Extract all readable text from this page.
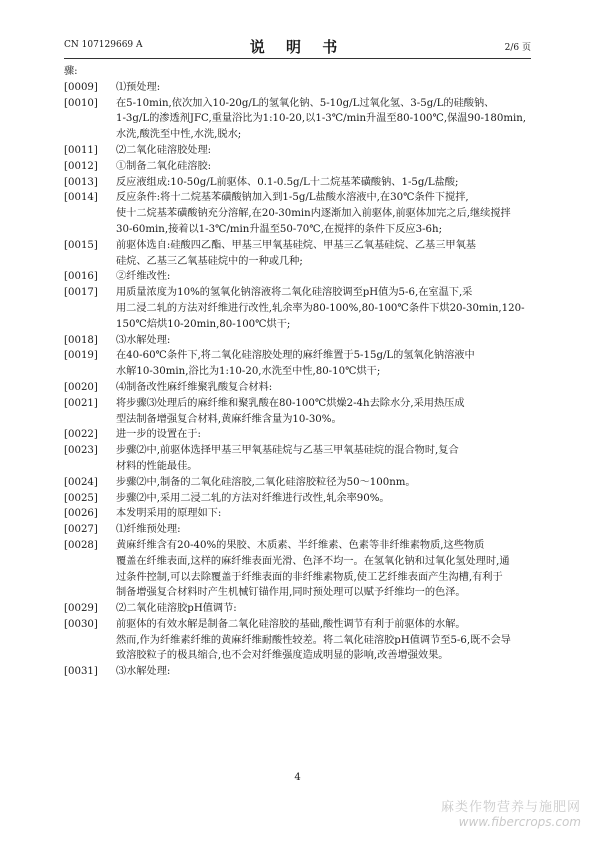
CN 107129669 A	说 明 书	2/6 页
骤:
[0009]	⑴预处理:
[0010]	在5-10min,依次加入10-20g/L的氢氧化钠、5-10g/L过氧化氢、3-5g/L的硅酸钠、
1-3g/L的渗透剂JFC,重量浴比为1:10-20,以1-3℃/min升温至80-100℃,保温90-180min,
水洗,酸洗至中性,水洗,脱水;
[0011]	⑵二氧化硅溶胶处理:
[0012]	①制备二氧化硅溶胶:
[0013]	反应液组成:10-50g/L前驱体、0.1-0.5g/L十二烷基苯磺酸钠、1-5g/L盐酸;
[0014]	反应条件:将十二烷基苯磺酸钠加入到1-5g/L盐酸水溶液中,在30℃条件下搅拌,
使十二烷基苯磺酸钠充分溶解,在20-30min内逐渐加入前驱体,前驱体加完之后,继续搅拌
30-60min,接着以1-3℃/min升温至50-70℃,在搅拌的条件下反应3-6h;
[0015]	前驱体选自:硅酸四乙酯、甲基三甲氧基硅烷、甲基三乙氧基硅烷、乙基三甲氧基
硅烷、乙基三乙氧基硅烷中的一种或几种;
[0016]	②纤维改性:
[0017]	用质量浓度为10%的氢氧化钠溶液将二氧化硅溶胶调至pH值为5-6,在室温下,采
用二浸二轧的方法对纤维进行改性,轧余率为80-100%,80-100℃条件下烘20-30min,120-
150℃焙烘10-20min,80-100℃烘干;
[0018]	⑶水解处理:
[0019]	在40-60℃条件下,将二氧化硅溶胶处理的麻纤维置于5-15g/L的氢氧化钠溶液中
水解10-30min,浴比为1:10-20,水洗至中性,80-10℃烘干;
[0020]	⑷制备改性麻纤维聚乳酸复合材料:
[0021]	将步骤⑶处理后的麻纤维和聚乳酸在80-100℃烘燥2-4h去除水分,采用热压成
型法制备增强复合材料,黄麻纤维含量为10-30%。
[0022]	进一步的设置在于:
[0023]	步骤⑵中,前驱体选择甲基三甲氧基硅烷与乙基三甲氧基硅烷的混合物时,复合
材料的性能最佳。
[0024]	步骤⑵中,制备的二氧化硅溶胶,二氧化硅溶胶粒径为50～100nm。
[0025]	步骤⑵中,采用二浸二轧的方法对纤维进行改性,轧余率90%。
[0026]	本发明采用的原理如下:
[0027]	⑴纤维预处理:
[0028]	黄麻纤维含有20-40%的果胶、木质素、半纤维素、色素等非纤维素物质,这些物质
覆盖在纤维表面,这样的麻纤维表面光滑、色泽不均一。在氢氧化钠和过氧化氢处理时,通
过条件控制,可以去除覆盖于纤维表面的非纤维素物质,使工艺纤维表面产生沟槽,有利于
制备增强复合材料时产生机械钉锚作用,同时预处理可以赋予纤维均一的色泽。
[0029]	⑵二氧化硅溶胶pH值调节:
[0030]	前驱体的有效水解是制备二氧化硅溶胶的基础,酸性调节有利于前驱体的水解。
然而,作为纤维素纤维的黄麻纤维耐酸性较差。将二氧化硅溶胶pH值调节至5-6,既不会导
致溶胶粒子的极具缩合,也不会对纤维强度造成明显的影响,改善增强效果。
[0031]	⑶水解处理:
4
麻类作物营养与施肥网
www.fibercrops.com
